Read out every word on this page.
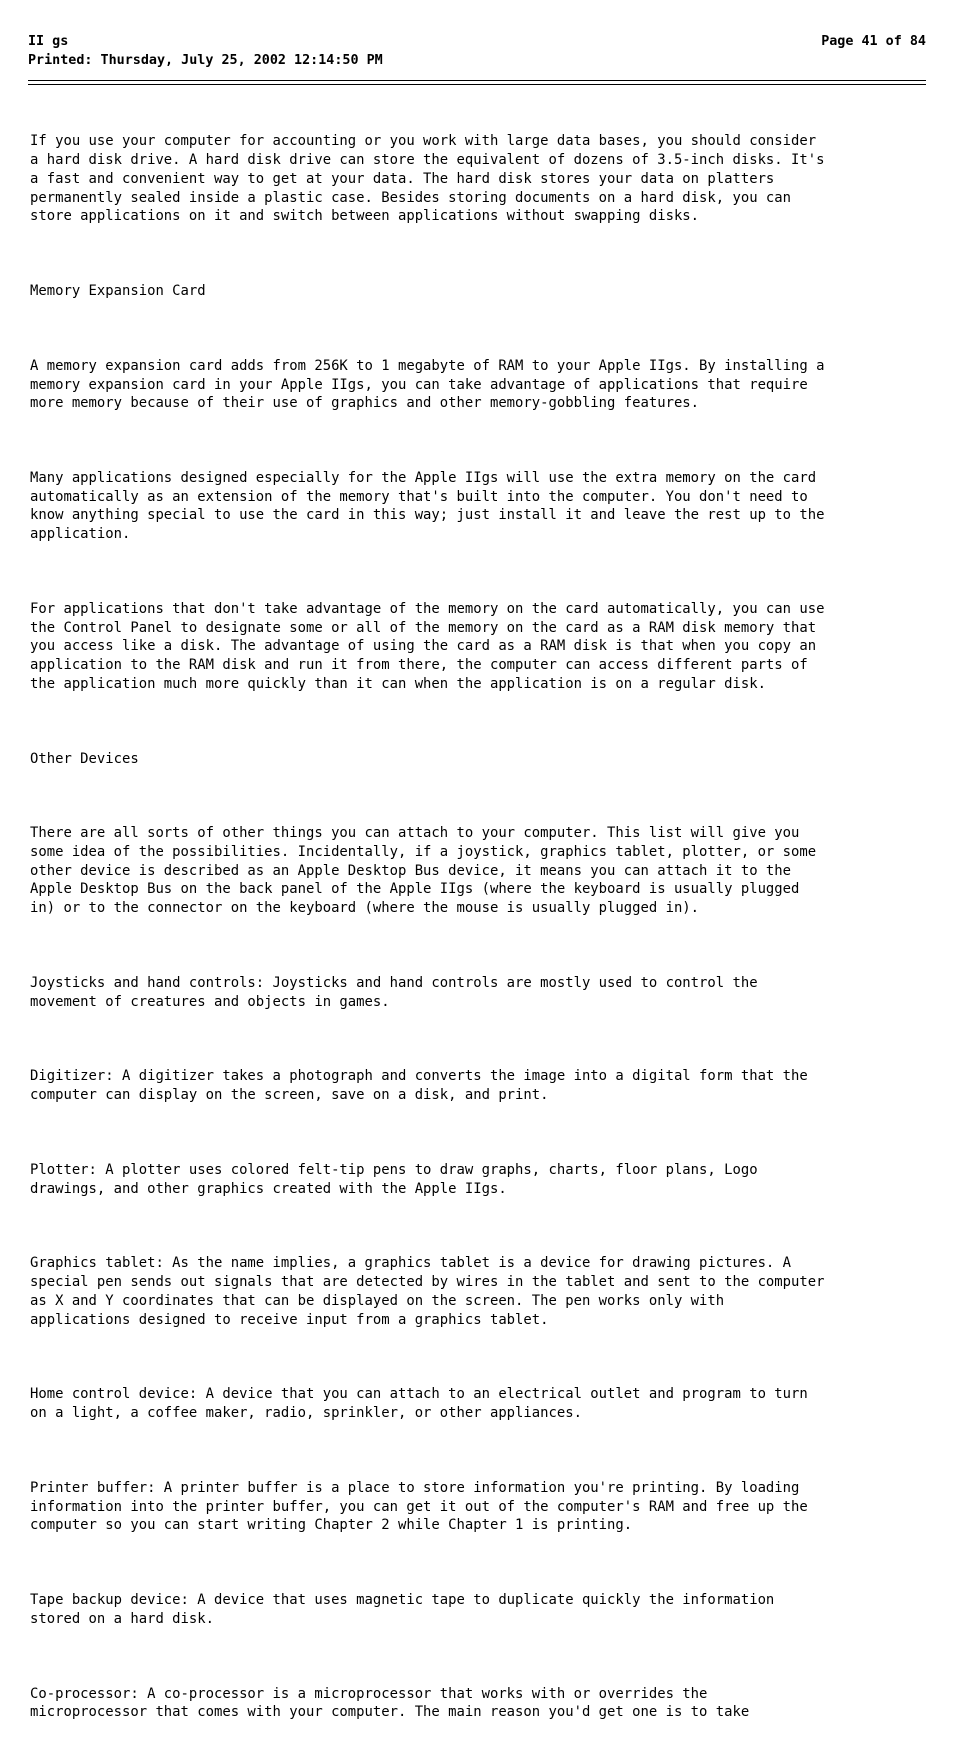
II gs	Page 41 of 84
Printed: Thursday, July 25, 2002 12:14:50 PM

If you use your computer for accounting or you work with large data bases, you should consider
a hard disk drive. A hard disk drive can store the equivalent of dozens of 3.5-inch disks. It's
a fast and convenient way to get at your data. The hard disk stores your data on platters
permanently sealed inside a plastic case. Besides storing documents on a hard disk, you can
store applications on it and switch between applications without swapping disks.

Memory Expansion Card

A memory expansion card adds from 256K to 1 megabyte of RAM to your Apple IIgs. By installing a
memory expansion card in your Apple IIgs, you can take advantage of applications that require
more memory because of their use of graphics and other memory-gobbling features.

Many applications designed especially for the Apple IIgs will use the extra memory on the card
automatically as an extension of the memory that's built into the computer. You don't need to
know anything special to use the card in this way; just install it and leave the rest up to the
application.

For applications that don't take advantage of the memory on the card automatically, you can use
the Control Panel to designate some or all of the memory on the card as a RAM disk memory that
you access like a disk. The advantage of using the card as a RAM disk is that when you copy an
application to the RAM disk and run it from there, the computer can access different parts of
the application much more quickly than it can when the application is on a regular disk.

Other Devices

There are all sorts of other things you can attach to your computer. This list will give you
some idea of the possibilities. Incidentally, if a joystick, graphics tablet, plotter, or some
other device is described as an Apple Desktop Bus device, it means you can attach it to the
Apple Desktop Bus on the back panel of the Apple IIgs (where the keyboard is usually plugged
in) or to the connector on the keyboard (where the mouse is usually plugged in).

Joysticks and hand controls: Joysticks and hand controls are mostly used to control the
movement of creatures and objects in games.

Digitizer: A digitizer takes a photograph and converts the image into a digital form that the
computer can display on the screen, save on a disk, and print.

Plotter: A plotter uses colored felt-tip pens to draw graphs, charts, floor plans, Logo
drawings, and other graphics created with the Apple IIgs.

Graphics tablet: As the name implies, a graphics tablet is a device for drawing pictures. A
special pen sends out signals that are detected by wires in the tablet and sent to the computer
as X and Y coordinates that can be displayed on the screen. The pen works only with
applications designed to receive input from a graphics tablet.

Home control device: A device that you can attach to an electrical outlet and program to turn
on a light, a coffee maker, radio, sprinkler, or other appliances.

Printer buffer: A printer buffer is a place to store information you're printing. By loading
information into the printer buffer, you can get it out of the computer's RAM and free up the
computer so you can start writing Chapter 2 while Chapter 1 is printing.

Tape backup device: A device that uses magnetic tape to duplicate quickly the information
stored on a hard disk.

Co-processor: A co-processor is a microprocessor that works with or overrides the
microprocessor that comes with your computer. The main reason you'd get one is to take
